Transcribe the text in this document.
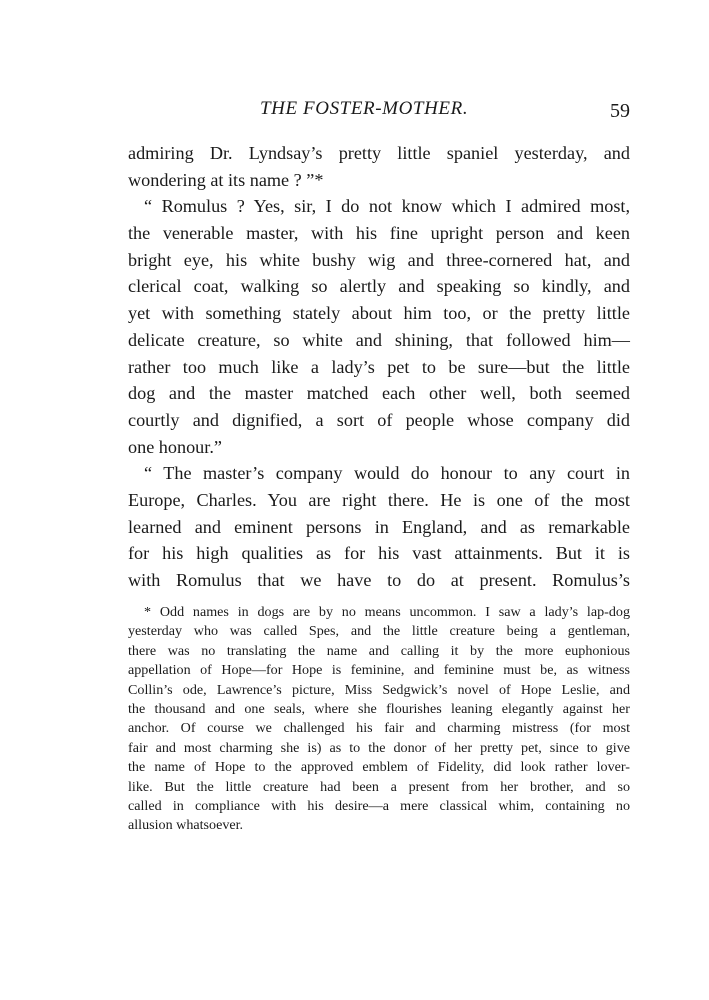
THE FOSTER-MOTHER.	59
admiring Dr. Lyndsay’s pretty little spaniel yesterday, and
wondering at its name ? ”*
“ Romulus ? Yes, sir, I do not know which I admired most,
the venerable master, with his fine upright person and keen
bright eye, his white bushy wig and three-cornered hat, and
clerical coat, walking so alertly and speaking so kindly, and
yet with something stately about him too, or the pretty little
delicate creature, so white and shining, that followed him—
rather too much like a lady’s pet to be sure—but the little
dog and the master matched each other well, both seemed
courtly and dignified, a sort of people whose company did
one honour.”
“ The master’s company would do honour to any court in
Europe, Charles. You are right there. He is one of the most
learned and eminent persons in England, and as remarkable
for his high qualities as for his vast attainments. But it is
with Romulus that we have to do at present. Romulus’s
* Odd names in dogs are by no means uncommon. I saw a lady’s lap-dog
yesterday who was called Spes, and the little creature being a gentleman,
there was no translating the name and calling it by the more euphonious
appellation of Hope—for Hope is feminine, and feminine must be, as witness
Collin’s ode, Lawrence’s picture, Miss Sedgwick’s novel of Hope Leslie, and
the thousand and one seals, where she flourishes leaning elegantly against her
anchor. Of course we challenged his fair and charming mistress (for most
fair and most charming she is) as to the donor of her pretty pet, since to give
the name of Hope to the approved emblem of Fidelity, did look rather lover-
like. But the little creature had been a present from her brother, and so
called in compliance with his desire—a mere classical whim, containing no
allusion whatsoever.
